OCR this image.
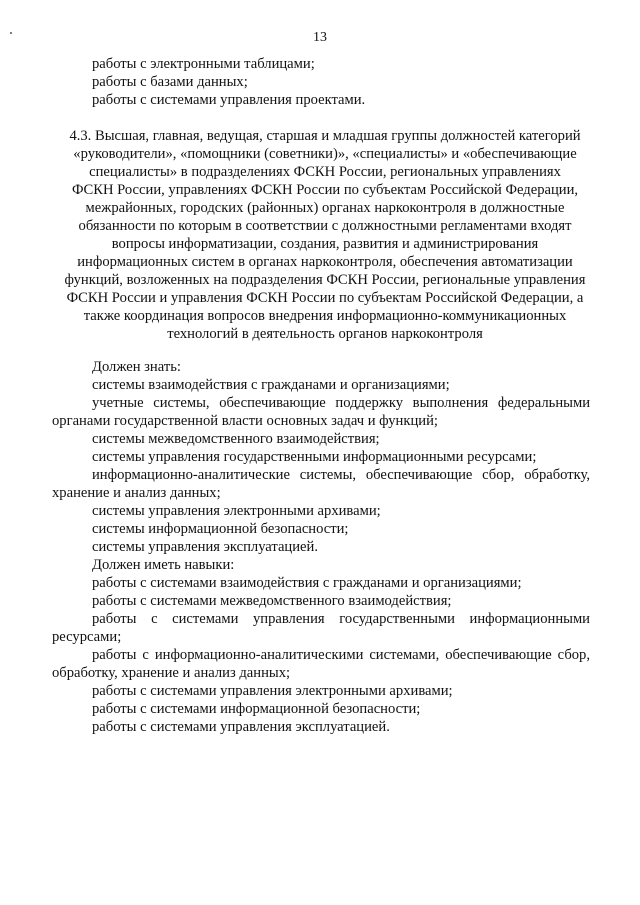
13
работы с электронными таблицами;
работы с базами данных;
работы с системами управления проектами.
4.3. Высшая, главная, ведущая, старшая и младшая группы должностей категорий
«руководители», «помощники (советники)», «специалисты» и «обеспечивающие
специалисты» в подразделениях ФСКН России, региональных управлениях
ФСКН России, управлениях ФСКН России по субъектам Российской Федерации,
межрайонных, городских (районных) органах наркоконтроля в должностные
обязанности по которым в соответствии с должностными регламентами входят
вопросы информатизации, создания, развития и администрирования
информационных систем в органах наркоконтроля, обеспечения автоматизации
функций, возложенных на подразделения ФСКН России, региональные управления
ФСКН России и управления ФСКН России по субъектам Российской Федерации, а
также координация вопросов внедрения информационно-коммуникационных
технологий в деятельность органов наркоконтроля
Должен знать:
системы взаимодействия с гражданами и организациями;
учетные системы, обеспечивающие поддержку выполнения федеральными
органами государственной власти основных задач и функций;
системы межведомственного взаимодействия;
системы управления государственными информационными ресурсами;
информационно-аналитические системы, обеспечивающие сбор, обработку,
хранение и анализ данных;
системы управления электронными архивами;
системы информационной безопасности;
системы управления эксплуатацией.
Должен иметь навыки:
работы с системами взаимодействия с гражданами и организациями;
работы с системами межведомственного взаимодействия;
работы с системами управления государственными информационными
ресурсами;
работы с информационно-аналитическими системами, обеспечивающие сбор,
обработку, хранение и анализ данных;
работы с системами управления электронными архивами;
работы с системами информационной безопасности;
работы с системами управления эксплуатацией.
